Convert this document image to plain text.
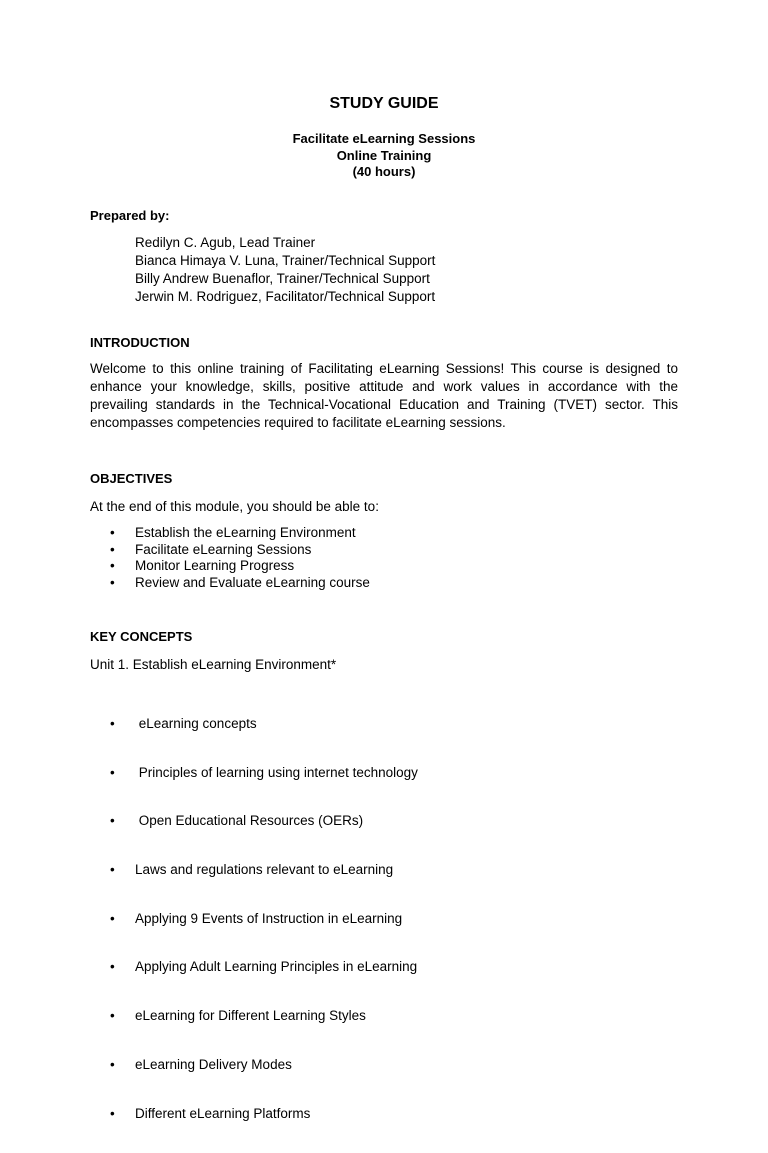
STUDY GUIDE
Facilitate eLearning Sessions
Online Training
(40 hours)
Prepared by:
Redilyn C. Agub, Lead Trainer
Bianca Himaya V. Luna, Trainer/Technical Support
Billy Andrew Buenaflor, Trainer/Technical Support
Jerwin M. Rodriguez, Facilitator/Technical Support
INTRODUCTION
Welcome to this online training of Facilitating eLearning Sessions! This course is designed to enhance your knowledge, skills, positive attitude and work values in accordance with the prevailing standards in the Technical-Vocational Education and Training (TVET) sector. This encompasses competencies required to facilitate eLearning sessions.
OBJECTIVES
At the end of this module, you should be able to:
• Establish the eLearning Environment
• Facilitate eLearning Sessions
• Monitor Learning Progress
• Review and Evaluate eLearning course
KEY CONCEPTS
Unit 1. Establish eLearning Environment*

•  eLearning concepts

•  Principles of learning using internet technology

•  Open Educational Resources (OERs)

• Laws and regulations relevant to eLearning

• Applying 9 Events of Instruction in eLearning

• Applying Adult Learning Principles in eLearning

• eLearning for Different Learning Styles

• eLearning Delivery Modes

• Different eLearning Platforms
